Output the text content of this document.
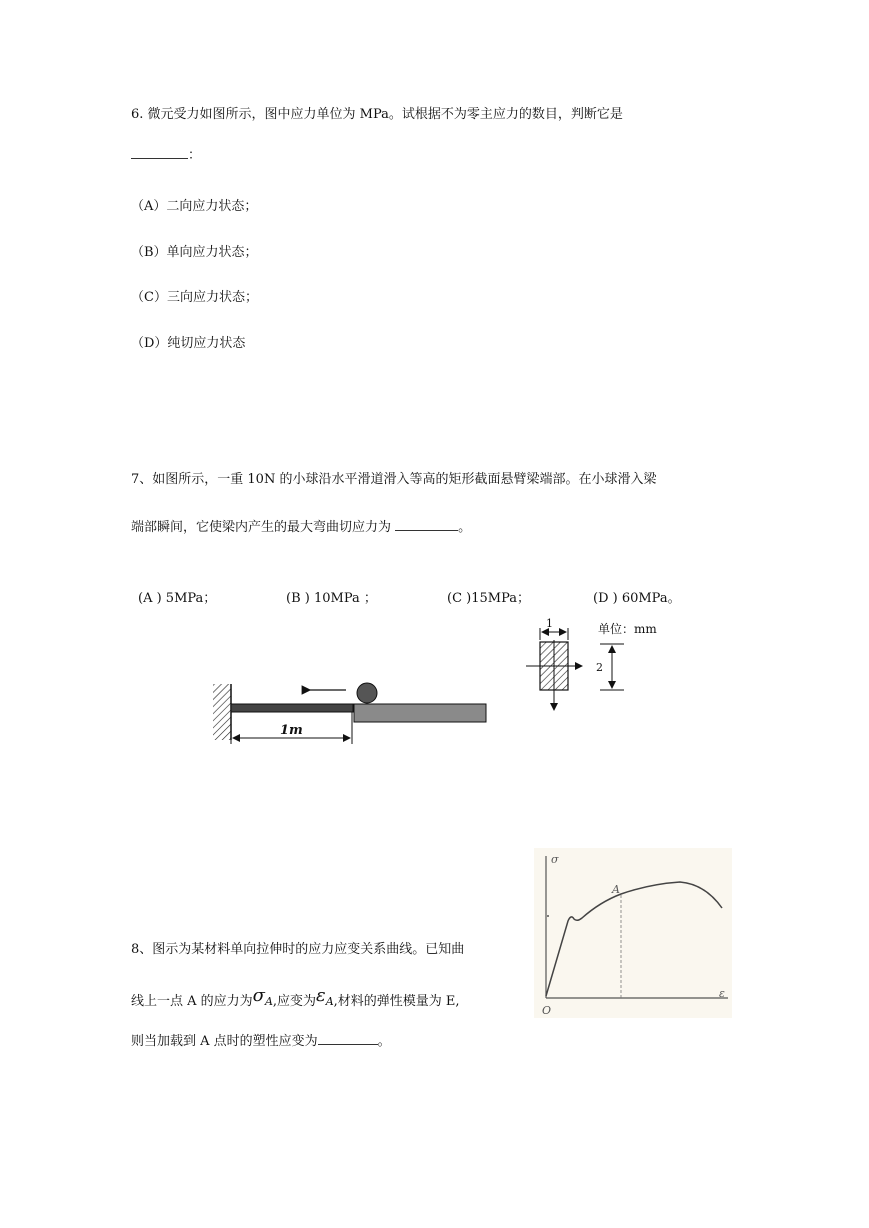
6. 微元受力如图所示，图中应力单位为 MPa。试根据不为零主应力的数目，判断它是
：
（A）二向应力状态；
（B）单向应力状态；
（C）三向应力状态；
（D）纯切应力状态
7、如图所示，一重 10N 的小球沿水平滑道滑入等高的矩形截面悬臂梁端部。在小球滑入梁
端部瞬间，它使梁内产生的最大弯曲切应力为	。
(A ) 5MPa；	(B ) 10MPa ；	(C )15MPa；	(D ) 60MPa。
1m
1
2
单位：mm
8、图示为某材料单向拉伸时的应力应变关系曲线。已知曲
线上一点 A 的应力为σA,应变为εA,材料的弹性模量为 E,
则当加载到 A 点时的塑性应变为	。
σ
ε
O
A
